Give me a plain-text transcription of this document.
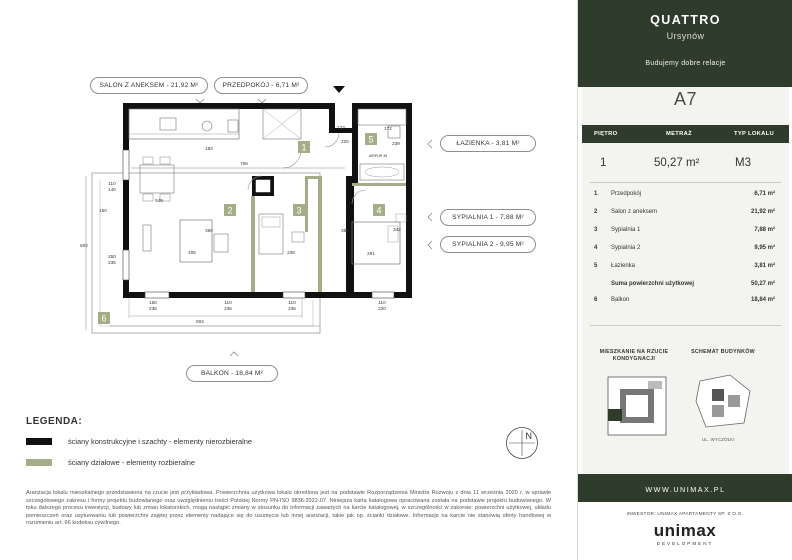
SALON Z ANEKSEM - 21,92 M²	PRZEDPOKÓJ - 6,71 M²
ŁAZIENKA - 3,81 M²
SYPIALNIA 1 - 7,88 M²
SYPIALNIA 2 - 9,95 M²
BALKON - 18,84 M²
1
2	3	4
5
6
765
123	172
220	239
183
110
140
150
602
549
405
360
236
356	342
291
250
235
804
150
235
110
235
110
220
110
235
AIRPUR 45
LEGENDA:
ściany konstrukcyjne i szachty - elementy nierozbieralne
ściany działowe - elementy rozbieralne
N

Aranżacja lokalu mieszkalnego przedstawiona na rzucie jest przykładowa. Powierzchnia użytkowa lokalu określona jest na podstawie Rozporządzenia Ministra Rozwoju z dnia 11 września 2020 r. w sprawie szczegółowego zakresu i formy projektu budowlanego oraz uwzględnieniu treści Polskiej Normy PN-ISO 9836:2022-07. Niniejsza karta katalogowa opracowana została na podstawie projektu budowlanego. W toku dalszego procesu inwestycji, budowy lub zmian lokatorskich, mogą nastąpić zmiany w stosunku do informacji zawartych na karcie katalogowej, w szczególności w zakresie: powierzchni użytkowej, układu pomieszczeń oraz usytuowaniu lub powierzchni zajętej przez elementy nadające się do usunięcia lub innej aranżacji, takie jak np. ścianki działowe. Informacje na karcie nie stanowią oferty handlowej w rozumieniu art. 66 kodeksu cywilnego.

QUATTRO
Ursynów
Budujemy dobre relacje
A7
PIĘTRO	METRAŻ	TYP LOKALU
1	50,27 m²	M3
1 Przedpokój	6,71 m²
2 Salon z aneksem	21,92 m²
3 Sypialnia 1	7,88 m²
4 Sypialnia 2	9,95 m²
5 Łazienka	3,81 m²
Suma powierzchni użytkowej	50,27 m²
6 Balkon	18,84 m²
MIESZKANIE NA RZUCIE KONDYGNACJI
SCHEMAT BUDYNKÓW
UL. WYCZÓŁKI
WWW.UNIMAX.PL
INWESTOR: UNIMAX APARTAMENTY SP. Z O.O.
unimax
DEVELOPMENT
